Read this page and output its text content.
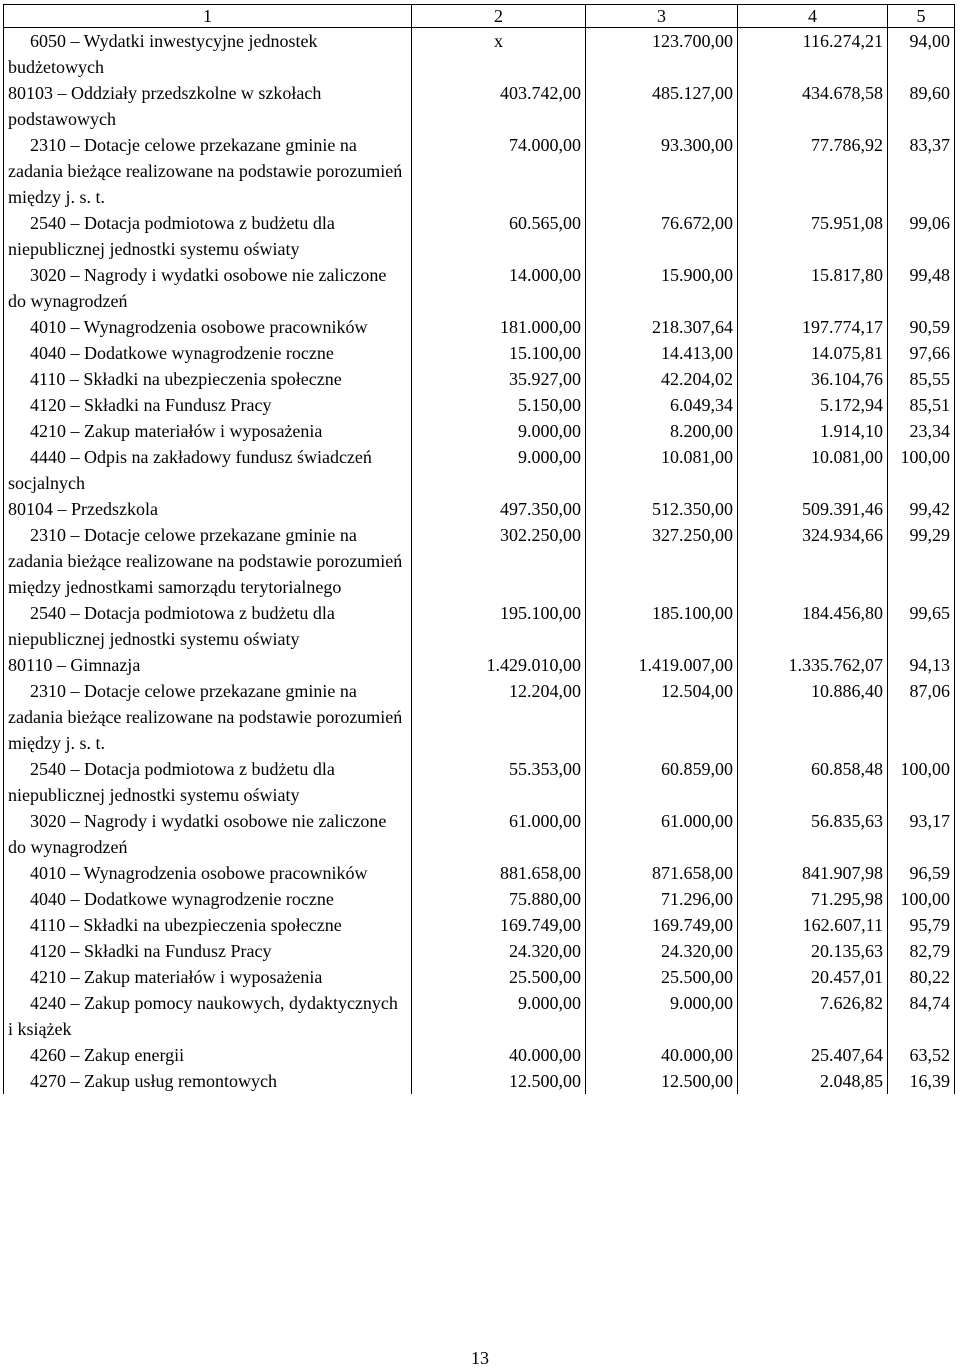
1	2	3	4	5
6050 – Wydatki inwestycyjne jednostek budżetowych	x	123.700,00	116.274,21	94,00
80103 – Oddziały przedszkolne w szkołach podstawowych	403.742,00	485.127,00	434.678,58	89,60
2310 – Dotacje celowe przekazane gminie na zadania bieżące realizowane na podstawie porozumień między j. s. t.	74.000,00	93.300,00	77.786,92	83,37
2540 – Dotacja podmiotowa z budżetu dla niepublicznej jednostki systemu oświaty	60.565,00	76.672,00	75.951,08	99,06
3020 – Nagrody i wydatki osobowe nie zaliczone do wynagrodzeń	14.000,00	15.900,00	15.817,80	99,48
4010 – Wynagrodzenia osobowe pracowników	181.000,00	218.307,64	197.774,17	90,59
4040 – Dodatkowe wynagrodzenie roczne	15.100,00	14.413,00	14.075,81	97,66
4110 – Składki na ubezpieczenia społeczne	35.927,00	42.204,02	36.104,76	85,55
4120 – Składki na Fundusz Pracy	5.150,00	6.049,34	5.172,94	85,51
4210 – Zakup materiałów i wyposażenia	9.000,00	8.200,00	1.914,10	23,34
4440 – Odpis na zakładowy fundusz świadczeń socjalnych	9.000,00	10.081,00	10.081,00	100,00
80104 – Przedszkola	497.350,00	512.350,00	509.391,46	99,42
2310 – Dotacje celowe przekazane gminie na zadania bieżące realizowane na podstawie porozumień między jednostkami samorządu terytorialnego	302.250,00	327.250,00	324.934,66	99,29
2540 – Dotacja podmiotowa z budżetu dla niepublicznej jednostki systemu oświaty	195.100,00	185.100,00	184.456,80	99,65
80110 – Gimnazja	1.429.010,00	1.419.007,00	1.335.762,07	94,13
2310 – Dotacje celowe przekazane gminie na zadania bieżące realizowane na podstawie porozumień między j. s. t.	12.204,00	12.504,00	10.886,40	87,06
2540 – Dotacja podmiotowa z budżetu dla niepublicznej jednostki systemu oświaty	55.353,00	60.859,00	60.858,48	100,00
3020 – Nagrody i wydatki osobowe nie zaliczone do wynagrodzeń	61.000,00	61.000,00	56.835,63	93,17
4010 – Wynagrodzenia osobowe pracowników	881.658,00	871.658,00	841.907,98	96,59
4040 – Dodatkowe wynagrodzenie roczne	75.880,00	71.296,00	71.295,98	100,00
4110 – Składki na ubezpieczenia społeczne	169.749,00	169.749,00	162.607,11	95,79
4120 – Składki na Fundusz Pracy	24.320,00	24.320,00	20.135,63	82,79
4210 – Zakup materiałów i wyposażenia	25.500,00	25.500,00	20.457,01	80,22
4240 – Zakup pomocy naukowych, dydaktycznych i książek	9.000,00	9.000,00	7.626,82	84,74
4260 – Zakup energii	40.000,00	40.000,00	25.407,64	63,52
4270 – Zakup usług remontowych	12.500,00	12.500,00	2.048,85	16,39
13
